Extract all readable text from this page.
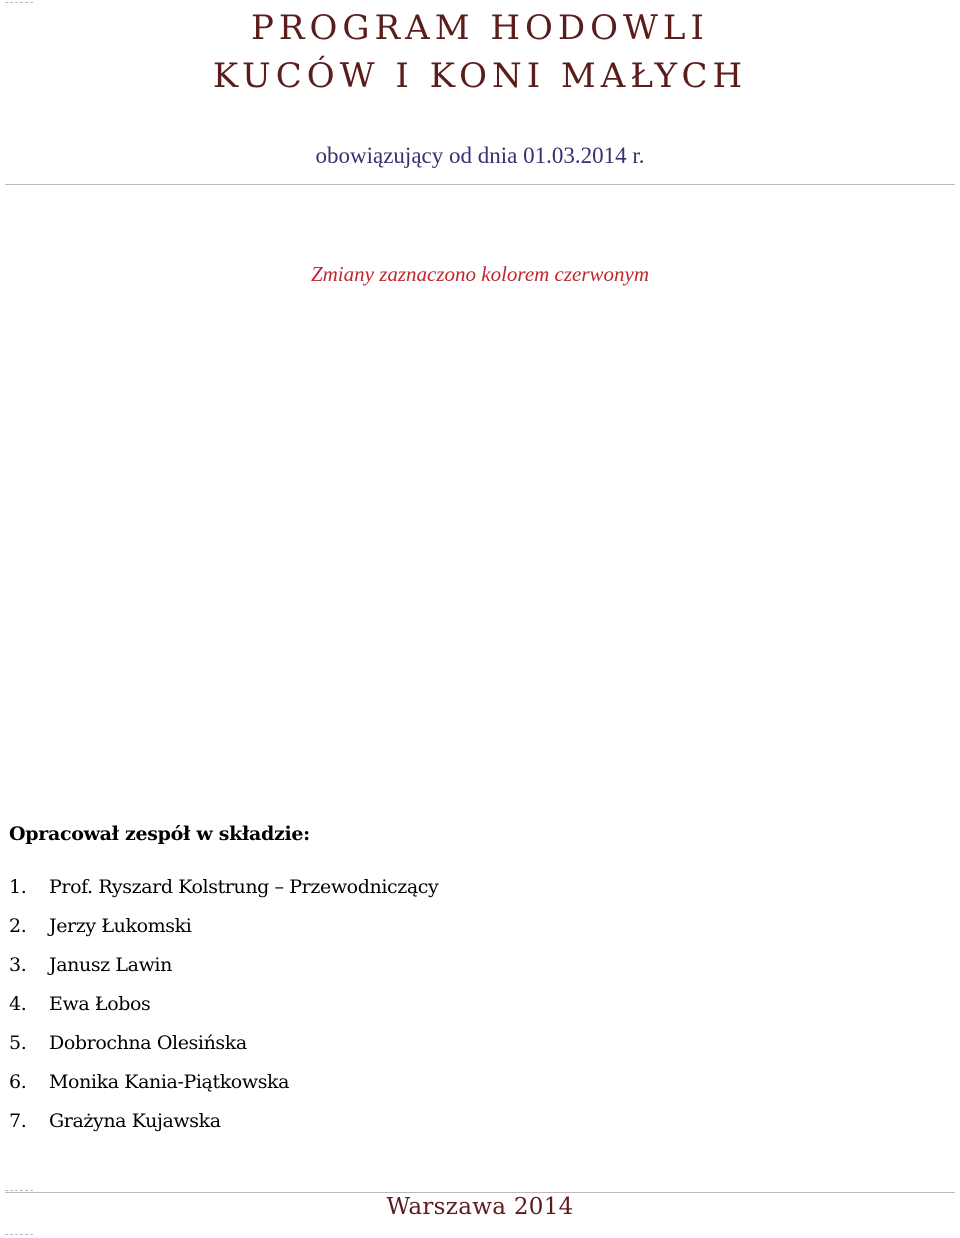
PROGRAM HODOWLI
KUCÓW I KONI MAŁYCH
obowiązujący od dnia 01.03.2014 r.
Zmiany zaznaczono kolorem czerwonym
Opracował zespół w składzie:
1. Prof. Ryszard Kolstrung – Przewodniczący
2. Jerzy Łukomski
3. Janusz Lawin
4. Ewa Łobos
5. Dobrochna Olesińska
6. Monika Kania-Piątkowska
7. Grażyna Kujawska
Warszawa 2014
